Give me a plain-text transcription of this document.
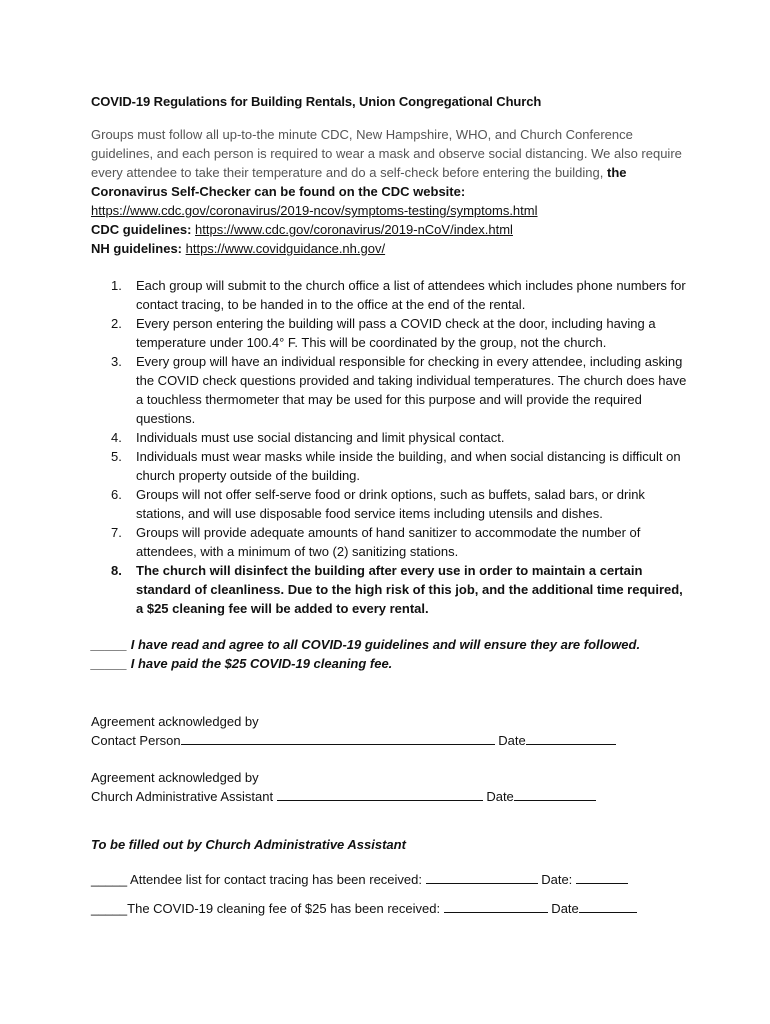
COVID-19 Regulations for Building Rentals, Union Congregational Church
Groups must follow all up-to-the minute CDC, New Hampshire, WHO, and Church Conference guidelines, and each person is required to wear a mask and observe social distancing. We also require every attendee to take their temperature and do a self-check before entering the building, the Coronavirus Self-Checker can be found on the CDC website:
https://www.cdc.gov/coronavirus/2019-ncov/symptoms-testing/symptoms.html
CDC guidelines: https://www.cdc.gov/coronavirus/2019-nCoV/index.html
NH guidelines: https://www.covidguidance.nh.gov/
1. Each group will submit to the church office a list of attendees which includes phone numbers for contact tracing, to be handed in to the office at the end of the rental.
2. Every person entering the building will pass a COVID check at the door, including having a temperature under 100.4° F. This will be coordinated by the group, not the church.
3. Every group will have an individual responsible for checking in every attendee, including asking the COVID check questions provided and taking individual temperatures. The church does have a touchless thermometer that may be used for this purpose and will provide the required questions.
4. Individuals must use social distancing and limit physical contact.
5. Individuals must wear masks while inside the building, and when social distancing is difficult on church property outside of the building.
6. Groups will not offer self-serve food or drink options, such as buffets, salad bars, or drink stations, and will use disposable food service items including utensils and dishes.
7. Groups will provide adequate amounts of hand sanitizer to accommodate the number of attendees, with a minimum of two (2) sanitizing stations.
8. The church will disinfect the building after every use in order to maintain a certain standard of cleanliness. Due to the high risk of this job, and the additional time required, a $25 cleaning fee will be added to every rental.
_____ I have read and agree to all COVID-19 guidelines and will ensure they are followed.
_____ I have paid the $25 COVID-19 cleaning fee.
Agreement acknowledged by
Contact Person	Date
Agreement acknowledged by
Church Administrative Assistant	Date
To be filled out by Church Administrative Assistant
_____ Attendee list for contact tracing has been received:	Date:
_____The COVID-19 cleaning fee of $25 has been received:	Date
